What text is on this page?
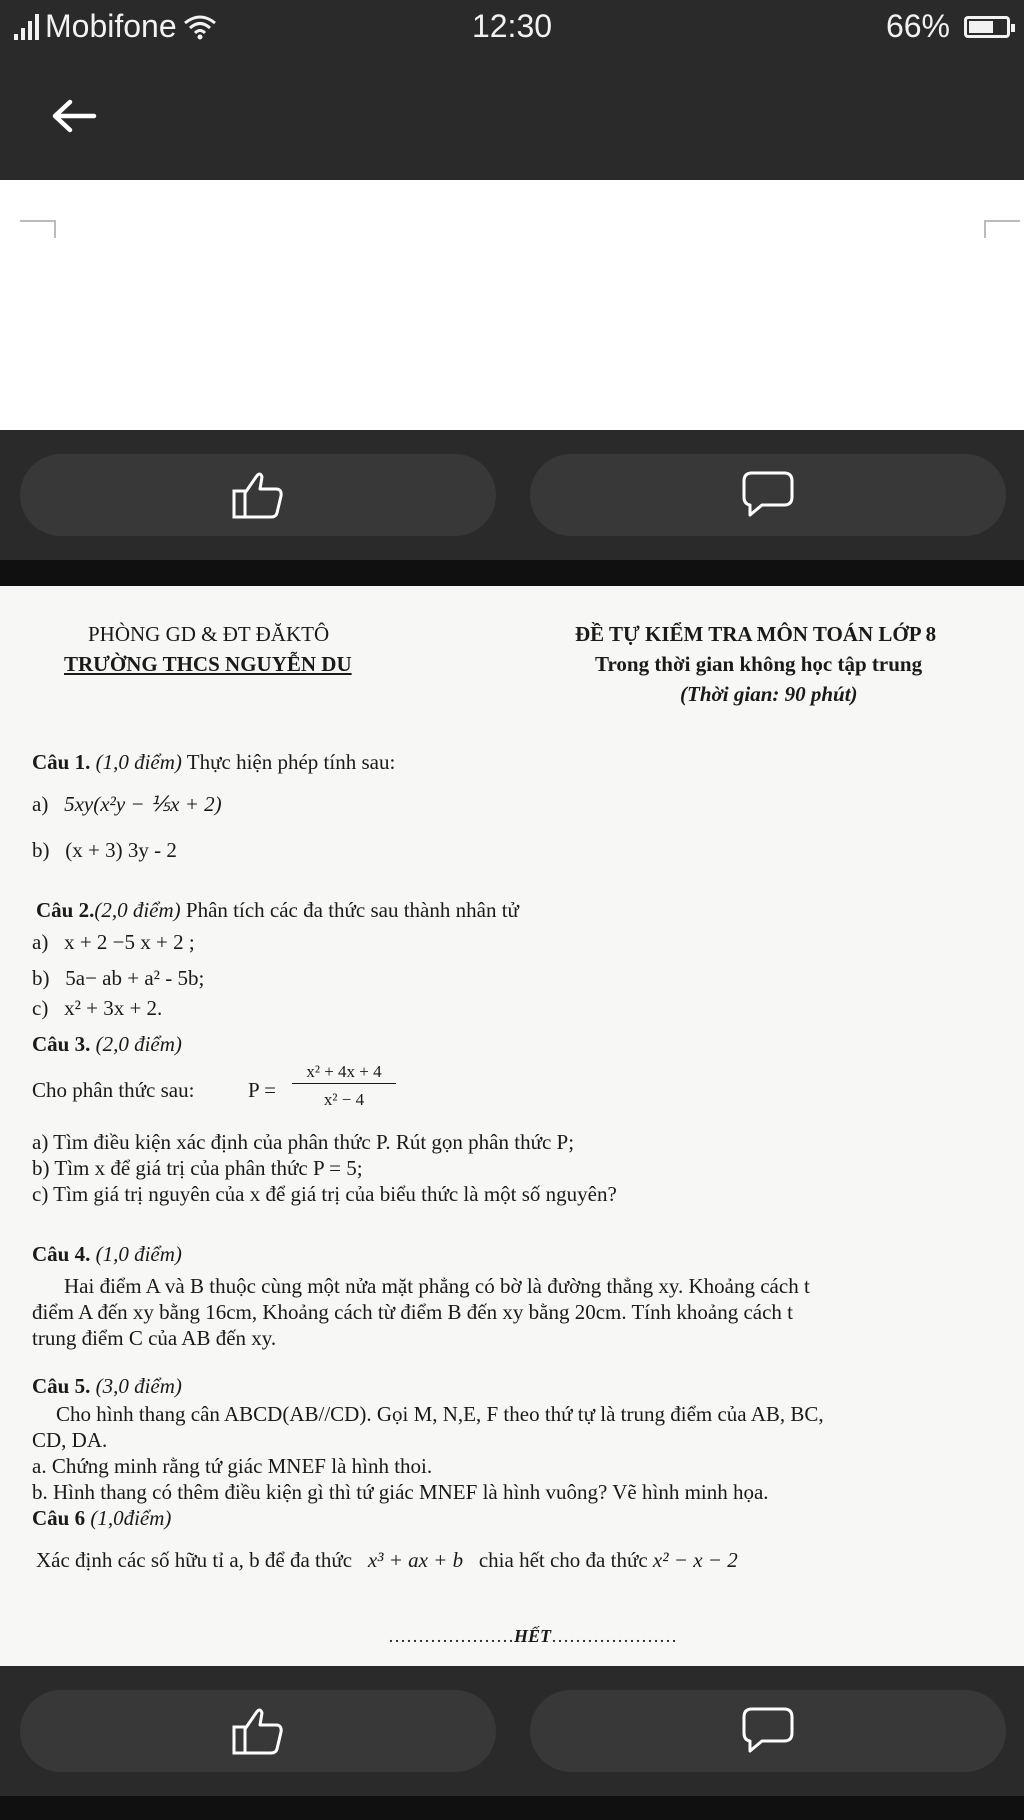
Mobifone	12:30	66%
PHÒNG GD & ĐT ĐĂKTÔ
TRƯỜNG THCS NGUYỄN DU
ĐỀ TỰ KIỂM TRA MÔN TOÁN LỚP 8
Trong thời gian không học tập trung
(Thời gian: 90 phút)
Câu 1. (1,0 điểm) Thực hiện phép tính sau:
a)   5xy(x²y − ⅕x + 2)
b)   (x + 3) 3y - 2
Câu 2.(2,0 điểm) Phân tích các đa thức sau thành nhân tử
a)   x + 2 −5 x + 2 ;
b)   5a− ab + a² - 5b;
c)   x² + 3x + 2.
Câu 3. (2,0 điểm)
Cho phân thức sau:	P =
x² + 4x + 4
x² − 4
a) Tìm điều kiện xác định của phân thức P. Rút gọn phân thức P;
b) Tìm x để giá trị của phân thức P = 5;
c) Tìm giá trị nguyên của x để giá trị của biểu thức là một số nguyên?
Câu 4. (1,0 điểm)
Hai điểm A và B thuộc cùng một nửa mặt phẳng có bờ là đường thẳng xy. Khoảng cách t
điểm A đến xy bằng 16cm, Khoảng cách từ điểm B đến xy bằng 20cm. Tính khoảng cách t
trung điểm C của AB đến xy.
Câu 5. (3,0 điểm)
Cho hình thang cân ABCD(AB//CD). Gọi M, N,E, F theo thứ tự là trung điểm của AB, BC,
CD, DA.
a. Chứng minh rằng tứ giác MNEF là hình thoi.
b. Hình thang có thêm điều kiện gì thì tứ giác MNEF là hình vuông? Vẽ hình minh họa.
Câu 6 (1,0điểm)
Xác định các số hữu tỉ a, b để đa thức x³ + ax + b chia hết cho đa thức x² − x − 2
…………………HẾT…………………
